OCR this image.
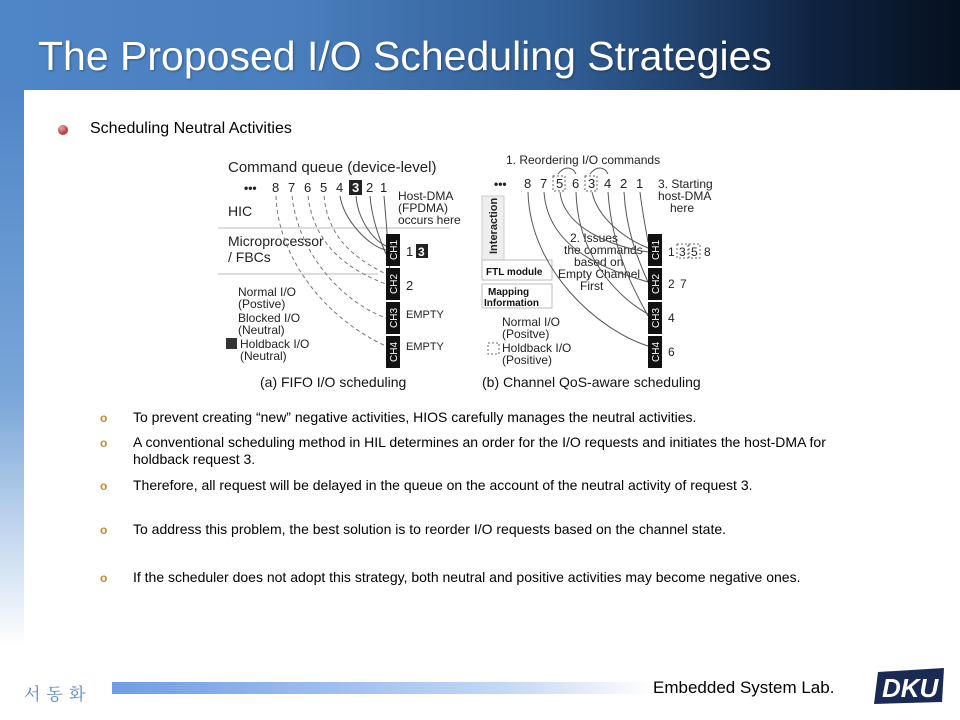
The Proposed I/O Scheduling Strategies
Scheduling Neutral Activities
Command queue (device-level)
••• 8 7 6 5 4 3 2 1
Host-DMA
(FPDMA)
occurs here
HIC
Microprocessor
/ FBCs
Normal I/O
(Postive)
Blocked I/O
(Neutral)
Holdback I/O
(Neutral)
CH1
CH2
CH3
CH4
1 3
2
EMPTY
EMPTY
(a) FIFO I/O scheduling
1. Reordering I/O commands
••• 8 7 5 6 3 4 2 1 3. Starting
host-DMA
here
Interaction	2. Issues
the commands
based on
Empty Channel
First
FTL module
Mapping
Information
Normal I/O
(Positve)
Holdback I/O
(Positive)
CH1
CH2
CH3
CH4
1 3 5 8
2 7
4
6
(b) Channel QoS-aware scheduling
o To prevent creating “new” negative activities, HIOS carefully manages the neutral activities.
o A conventional scheduling method in HIL determines an order for the I/O requests and initiates the host-DMA for holdback request 3.
o Therefore, all request will be delayed in the queue on the account of the neutral activity of request 3.
o To address this problem, the best solution is to reorder I/O requests based on the channel state.
o If the scheduler does not adopt this strategy, both neutral and positive activities may become negative ones.
서동화	Embedded System Lab. DKU
